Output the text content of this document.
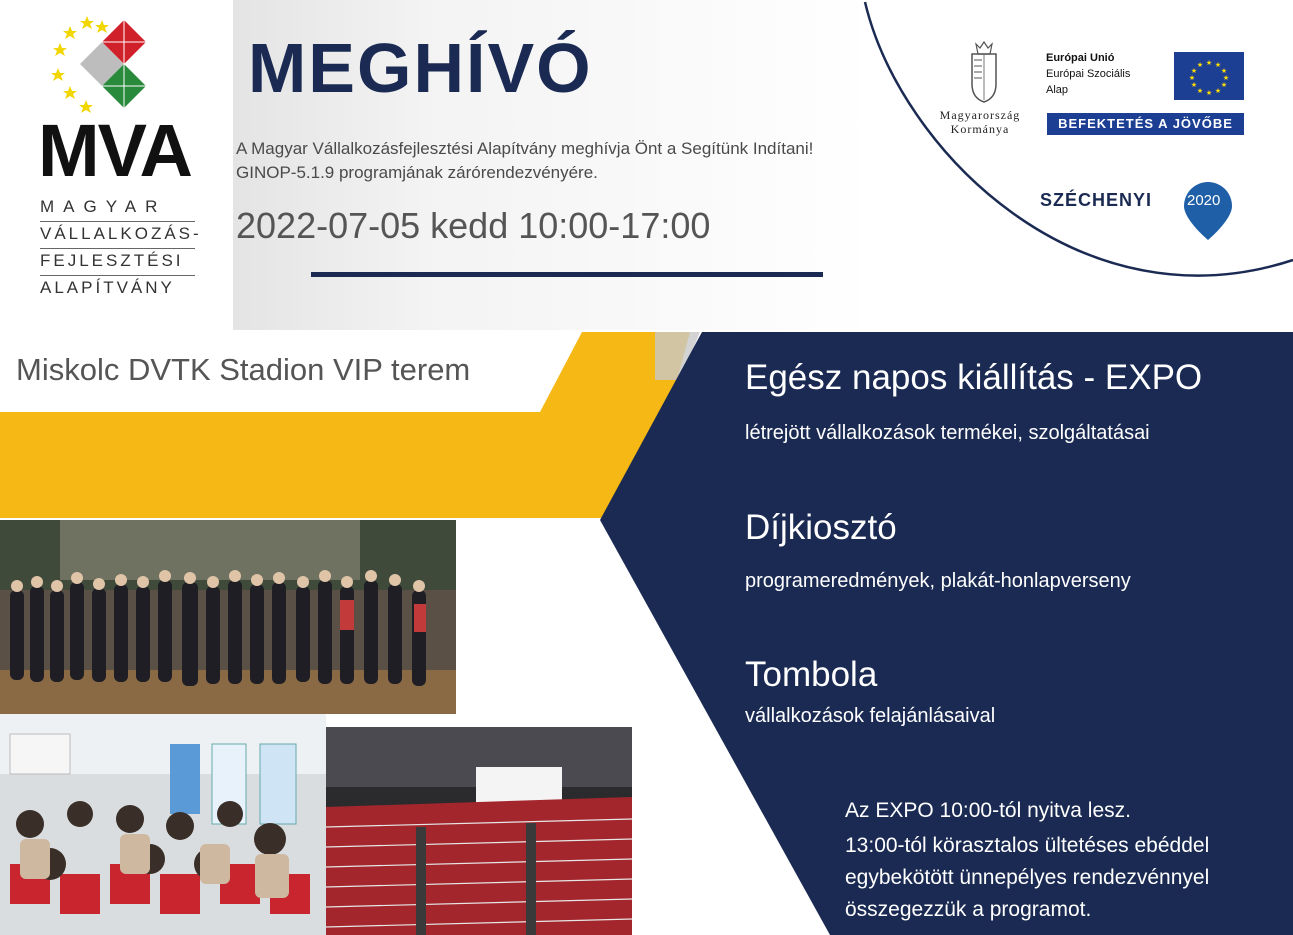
MVA
MAGYAR
VÁLLALKOZÁS-
FEJLESZTÉSI
ALAPÍTVÁNY
MEGHÍVÓ
A Magyar Vállalkozásfejlesztési Alapítvány meghívja Önt a Segítünk Indítani! GINOP-5.1.9 programjának zárórendezvényére.
2022-07-05 kedd 10:00-17:00
Magyarország
Kormánya
Európai Unió
Európai Szociális
Alap
★ ★
★
★
★
★
★
★
★
★
★
★
BEFEKTETÉS A JÖVŐBE
SZÉCHENYI 2020
Miskolc DVTK Stadion VIP terem	Egész napos kiállítás - EXPO
létrejött vállalkozások termékei, szolgáltatásai
Díjkiosztó
programeredmények, plakát-honlapverseny
Tombola
vállalkozások felajánlásaival
Az EXPO 10:00-tól nyitva lesz.
13:00-tól körasztalos ültetéses ebéddel egybekötött ünnepélyes rendezvénnyel összegezzük a programot.
